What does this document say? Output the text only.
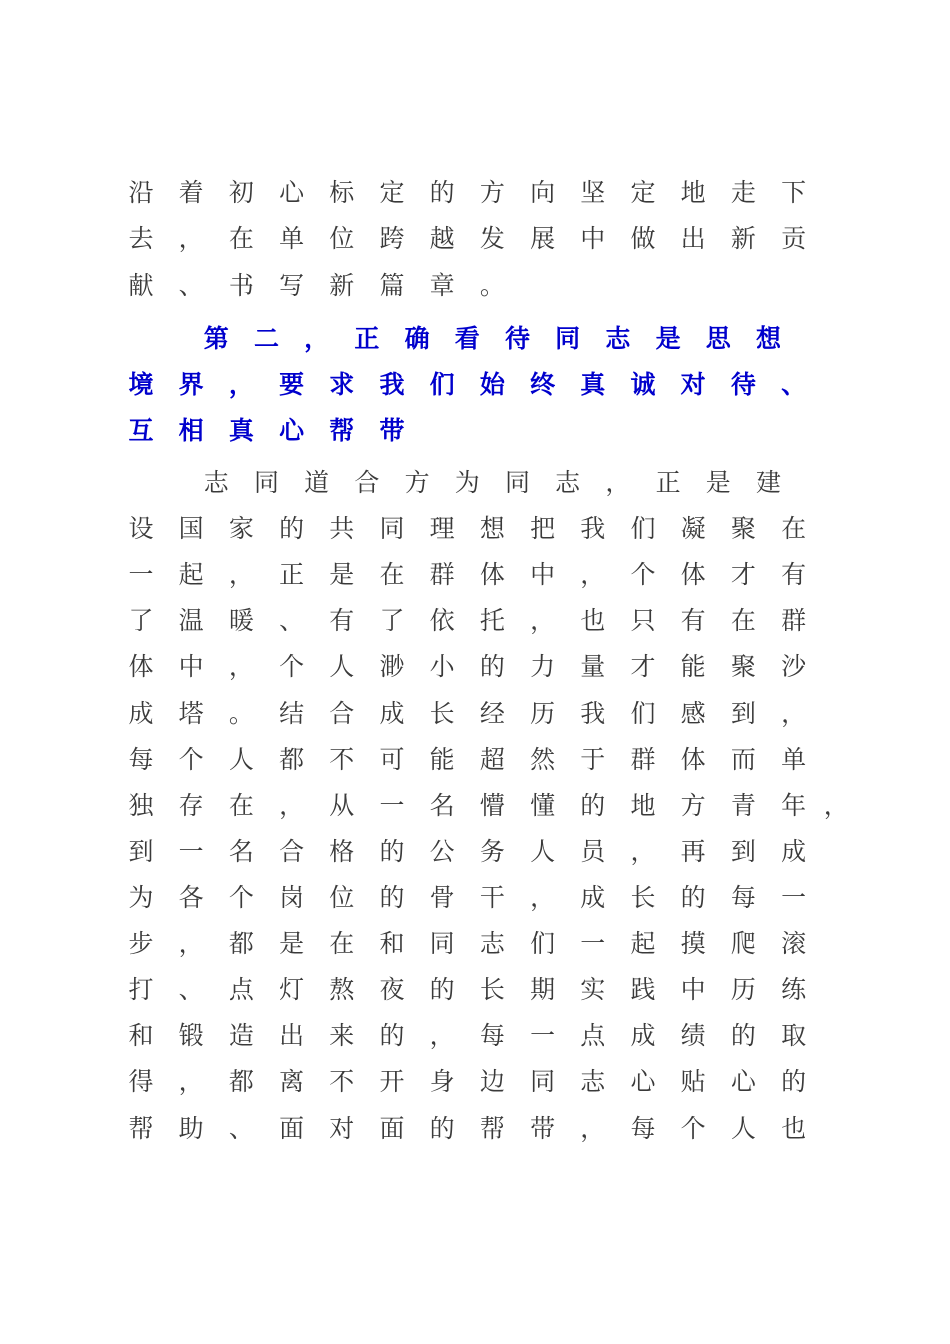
沿	着	初	心	标	定	的	方	向	坚	定	地	走	下
去	，	在	单	位	跨	越	发	展	中	做	出	新	贡
献	、	书	写	新	篇	章	。
第	二	，	正	确	看	待	同	志	是	思	想
境	界	，	要	求	我	们	始	终	真	诚	对	待	、
互	相	真	心	帮	带
志	同	道	合	方	为	同	志	，	正	是	建
设	国	家	的	共	同	理	想	把	我	们	凝	聚	在
一	起	，	正	是	在	群	体	中	，	个	体	才	有
了	温	暖	、	有	了	依	托	，	也	只	有	在	群
体	中	，	个	人	渺	小	的	力	量	才	能	聚	沙
成	塔	。	结	合	成	长	经	历	我	们	感	到	，
每	个	人	都	不	可	能	超	然	于	群	体	而	单
独	存	在	，	从	一	名	懵	懂	的	地	方	青	年 ，
到	一	名	合	格	的	公	务	人	员	，	再	到	成
为	各	个	岗	位	的	骨	干	，	成	长	的	每	一
步	，	都	是	在	和	同	志	们	一	起	摸	爬	滚
打	、	点	灯	熬	夜	的	长	期	实	践	中	历	练
和	锻	造	出	来	的	，	每	一	点	成	绩	的	取
得	，	都	离	不	开	身	边	同	志	心	贴	心	的
帮	助	、	面	对	面	的	帮	带	，	每	个	人	也
